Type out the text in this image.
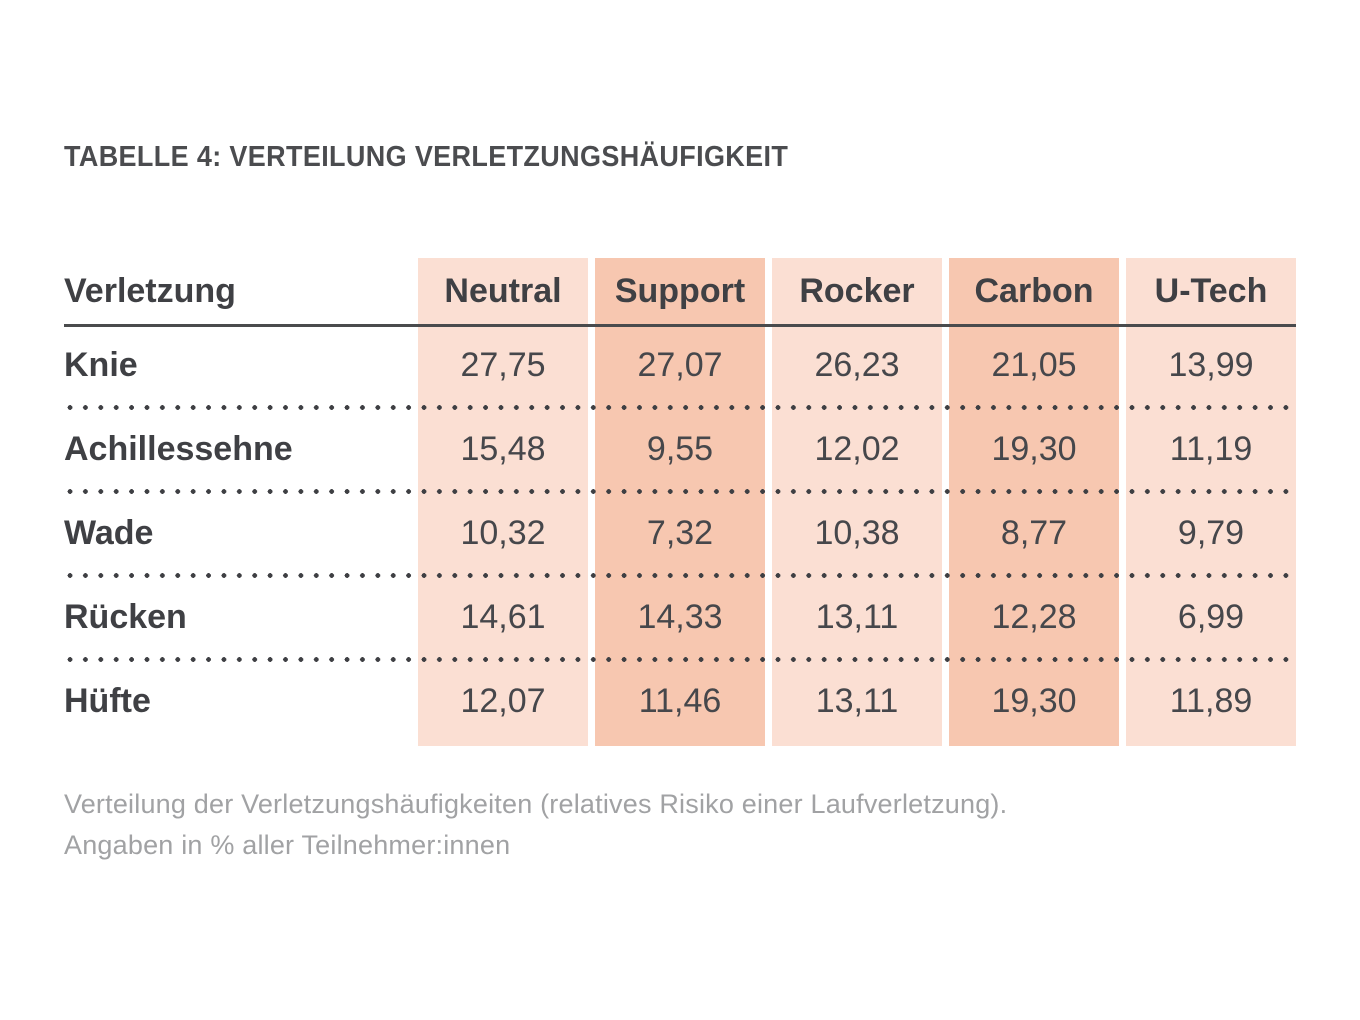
TABELLE 4: VERTEILUNG VERLETZUNGSHÄUFIGKEIT
Verletzung	Neutral	Support	Rocker	Carbon	U-Tech
Knie	27,75	27,07	26,23	21,05	13,99
Achillessehne	15,48	9,55	12,02	19,30	11,19
Wade	10,32	7,32	10,38	8,77	9,79
Rücken	14,61	14,33	13,11	12,28	6,99
Hüfte	12,07	11,46	13,11	19,30	11,89
Verteilung der Verletzungshäufigkeiten (relatives Risiko einer Laufverletzung).
Angaben in % aller Teilnehmer:innen
